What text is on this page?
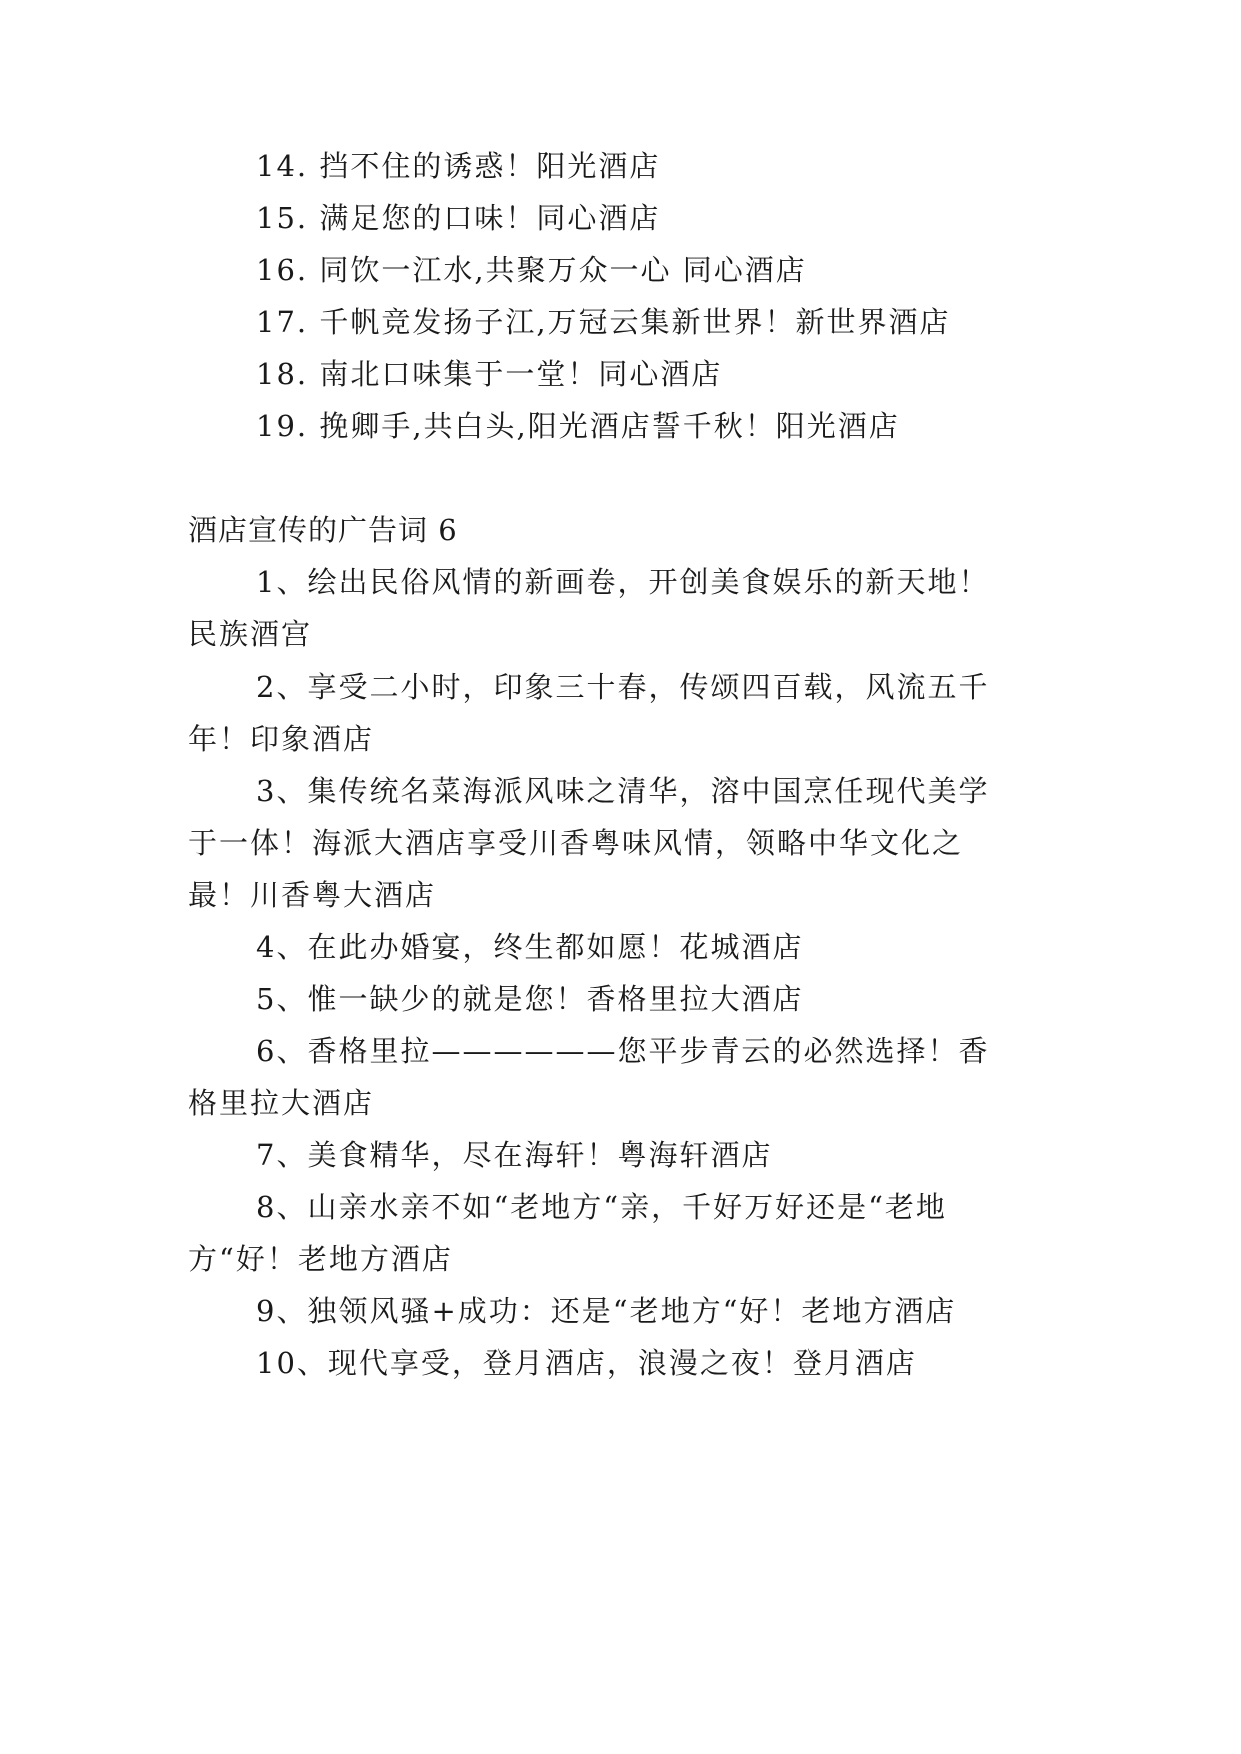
14. 挡不住的诱惑！阳光酒店
15. 满足您的口味！同心酒店
16. 同饮一江水,共聚万众一心 同心酒店
17. 千帆竞发扬子江,万冠云集新世界！新世界酒店
18. 南北口味集于一堂！同心酒店
19. 挽卿手,共白头,阳光酒店誓千秋！阳光酒店
酒店宣传的广告词 6
1、绘出民俗风情的新画卷，开创美食娱乐的新天地！
民族酒宫
2、享受二小时，印象三十春，传颂四百载，风流五千
年！印象酒店
3、集传统名菜海派风味之清华，溶中国烹任现代美学
于一体！海派大酒店享受川香粤味风情，领略中华文化之
最！川香粤大酒店
4、在此办婚宴，终生都如愿！花城酒店
5、惟一缺少的就是您！香格里拉大酒店
6、香格里拉——————您平步青云的必然选择！香
格里拉大酒店
7、美食精华，尽在海轩！粤海轩酒店
8、山亲水亲不如“老地方“亲，千好万好还是“老地
方“好！老地方酒店
9、独领风骚+成功：还是“老地方“好！老地方酒店
10、现代享受，登月酒店，浪漫之夜！登月酒店
